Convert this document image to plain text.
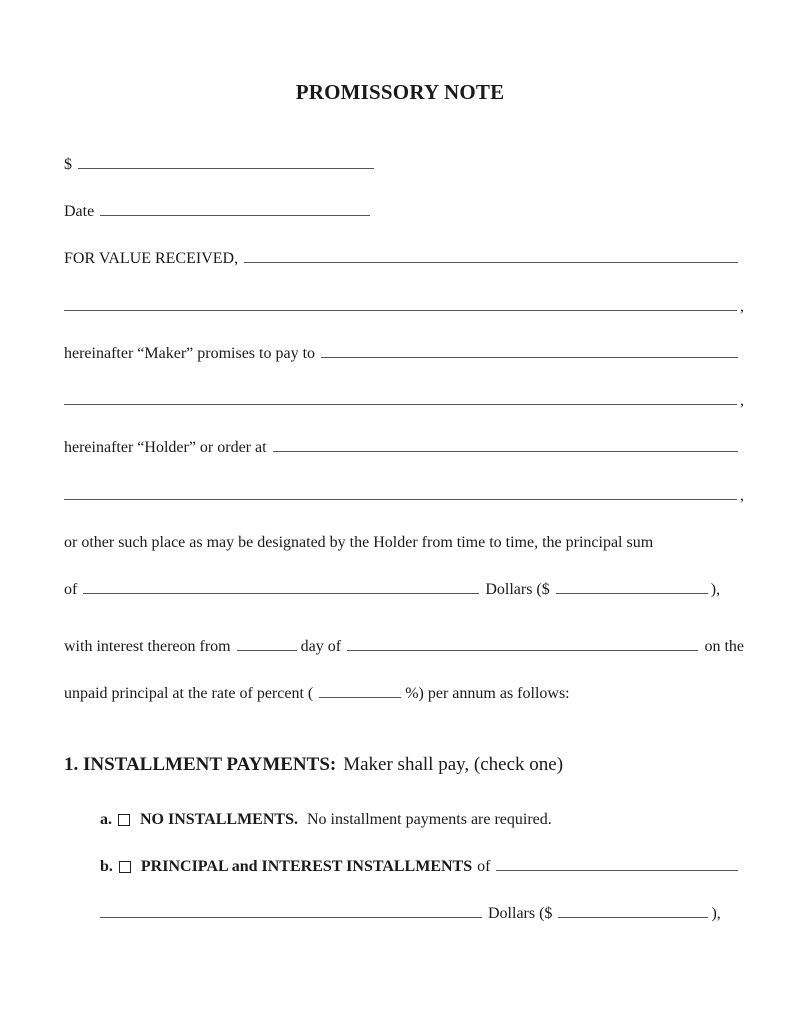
PROMISSORY NOTE
$
Date
FOR VALUE RECEIVED,
,
hereinafter “Maker” promises to pay to
,
hereinafter “Holder” or order at
,
or other such place as may be designated by the Holder from time to time, the principal sum
of	Dollars ($	),
with interest thereon from	day of	on the
unpaid principal at the rate of percent (	%) per annum as follows:
1. INSTALLMENT PAYMENTS: Maker shall pay, (check one)
a. NO INSTALLMENTS. No installment payments are required.
b. PRINCIPAL and INTEREST INSTALLMENTS of
Dollars ($	),
